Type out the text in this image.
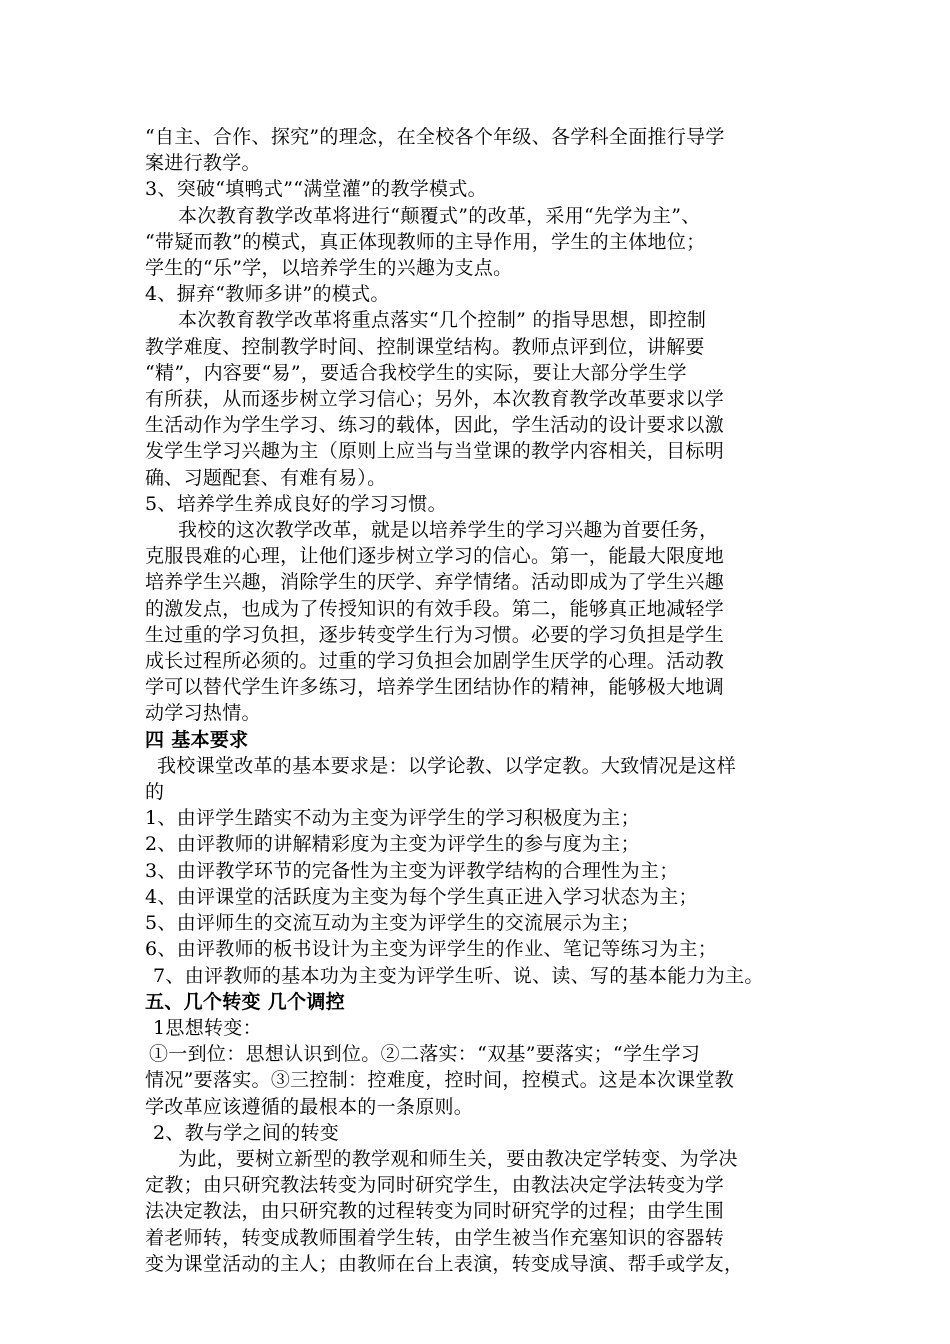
“自主、合作、探究”的理念，在全校各个年级、各学科全面推行导学
案进行教学。
3、突破“填鸭式”“满堂灌”的教学模式。
本次教育教学改革将进行“颠覆式”的改革，采用“先学为主”、
“带疑而教”的模式，真正体现教师的主导作用，学生的主体地位；
学生的“乐”学，以培养学生的兴趣为支点。
4、摒弃“教师多讲”的模式。
本次教育教学改革将重点落实“几个控制” 的指导思想，即控制
教学难度、控制教学时间、控制课堂结构。教师点评到位，讲解要
“精”，内容要“易”，要适合我校学生的实际，要让大部分学生学
有所获，从而逐步树立学习信心；另外，本次教育教学改革要求以学
生活动作为学生学习、练习的载体，因此，学生活动的设计要求以激
发学生学习兴趣为主（原则上应当与当堂课的教学内容相关，目标明
确、习题配套、有难有易）。
5、培养学生养成良好的学习习惯。
我校的这次教学改革，就是以培养学生的学习兴趣为首要任务，
克服畏难的心理，让他们逐步树立学习的信心。第一，能最大限度地
培养学生兴趣，消除学生的厌学、弃学情绪。活动即成为了学生兴趣
的激发点，也成为了传授知识的有效手段。第二，能够真正地减轻学
生过重的学习负担，逐步转变学生行为习惯。必要的学习负担是学生
成长过程所必须的。过重的学习负担会加剧学生厌学的心理。活动教
学可以替代学生许多练习，培养学生团结协作的精神，能够极大地调
动学习热情。
四 基本要求
我校课堂改革的基本要求是：以学论教、以学定教。大致情况是这样
的
1、由评学生踏实不动为主变为评学生的学习积极度为主；
2、由评教师的讲解精彩度为主变为评学生的参与度为主；
3、由评教学环节的完备性为主变为评教学结构的合理性为主；
4、由评课堂的活跃度为主变为每个学生真正进入学习状态为主；
5、由评师生的交流互动为主变为评学生的交流展示为主；
6、由评教师的板书设计为主变为评学生的作业、笔记等练习为主；
7、由评教师的基本功为主变为评学生听、说、读、写的基本能力为主。
五、几个转变 几个调控
1思想转变：
①一到位：思想认识到位。②二落实：“双基”要落实；“学生学习
情况”要落实。③三控制：控难度，控时间，控模式。这是本次课堂教
学改革应该遵循的最根本的一条原则。
2、教与学之间的转变
为此，要树立新型的教学观和师生关，要由教决定学转变、为学决
定教；由只研究教法转变为同时研究学生，由教法决定学法转变为学
法决定教法，由只研究教的过程转变为同时研究学的过程；由学生围
着老师转，转变成教师围着学生转，由学生被当作充塞知识的容器转
变为课堂活动的主人；由教师在台上表演，转变成导演、帮手或学友，
